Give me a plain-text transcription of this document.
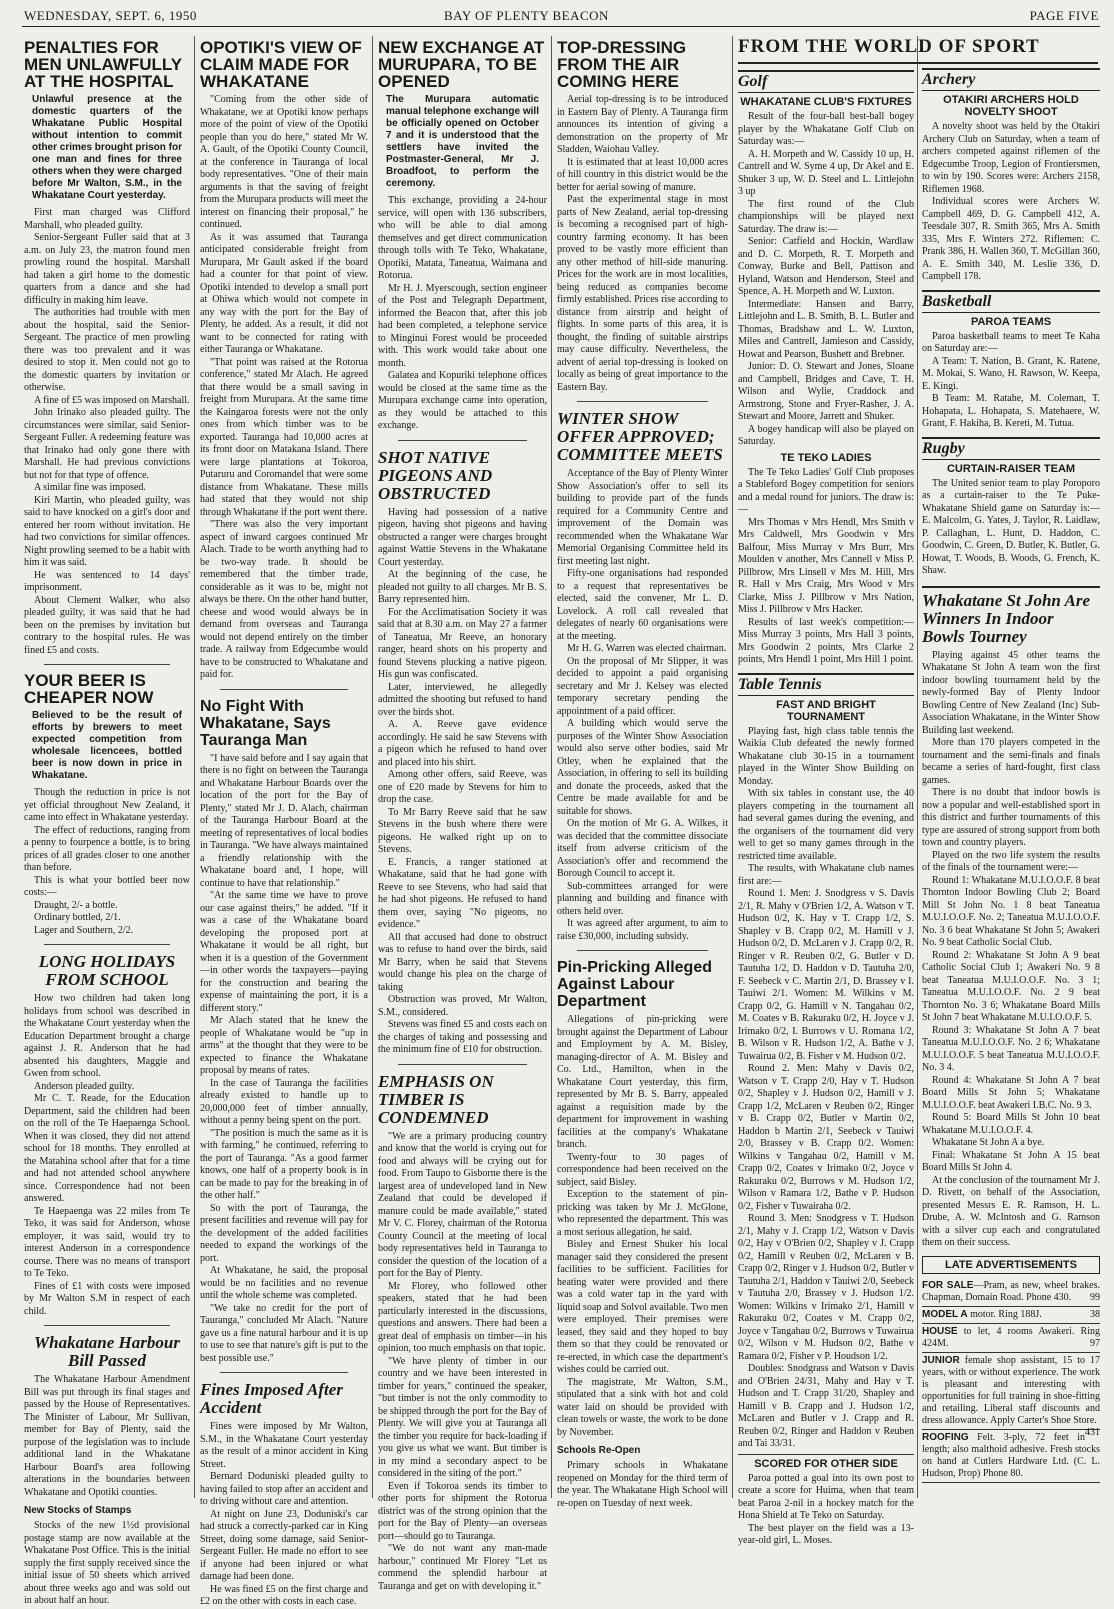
WEDNESDAY, SEPT. 6, 1950	BAY OF PLENTY BEACON	PAGE FIVE
PENALTIES FOR MEN UNLAWFULLY AT THE HOSPITAL
Unlawful presence at the domestic quarters of the Whakatane Public Hospital without intention to commit other crimes brought prison for one man and fines for three others when they were charged before Mr Walton, S.M., in the Whakatane Court yesterday.

First man charged was Clifford Marshall, who pleaded guilty.

Senior-Sergeant Fuller said that at 3 a.m. on July 23, the matron found men prowling round the hospital. Marshall had taken a girl home to the domestic quarters from a dance and she had difficulty in making him leave.

The authorities had trouble with men about the hospital, said the Senior-Sergeant. The practice of men prowling there was too prevalent and it was desired to stop it. Men could not go to the domestic quarters by invitation or otherwise.

A fine of £5 was imposed on Marshall.

John Irinako also pleaded guilty. The circumstances were similar, said Senior-Sergeant Fuller. A redeeming feature was that Irinako had only gone there with Marshall. He had previous convictions but not for that type of offence.

A similar fine was imposed.

Kiri Martin, who pleaded guilty, was said to have knocked on a girl's door and entered her room without invitation. He had two convictions for similar offences. Night prowling seemed to be a habit with him it was said.

He was sentenced to 14 days' imprisonment.

About Clement Walker, who also pleaded guilty, it was said that he had been on the premises by invitation but contrary to the hospital rules. He was fined £5 and costs.

YOUR BEER IS CHEAPER NOW
Believed to be the result of efforts by brewers to meet expected competition from wholesale licencees, bottled beer is now down in price in Whakatane.

Though the reduction in price is not yet official throughout New Zealand, it came into effect in Whakatane yesterday.

The effect of reductions, ranging from a penny to fourpence a bottle, is to bring prices of all grades closer to one another than before.

This is what your bottled beer now costs:—

Draught, 2/- a bottle.

Ordinary bottled, 2/1.

Lager and Southern, 2/2.

LONG HOLIDAYS FROM SCHOOL

How two children had taken long holidays from school was described in the Whakatane Court yesterday when the Education Department brought a charge against J. R. Anderson that he had absented his daughters, Maggie and Gwen from school.

Anderson pleaded guilty.

Mr C. T. Reade, for the Education Department, said the children had been on the roll of the Te Haepaenga School. When it was closed, they did not attend school for 18 months. They enrolled at the Matahina school after that for a time and had not attended school anywhere since. Correspondence had not been answered.

Te Haepaenga was 22 miles from Te Teko, it was said for Anderson, whose employer, it was said, would try to interest Anderson in a correspondence course. There was no means of transport to Te Teko.

Fines of £1 with costs were imposed by Mr Walton S.M in respect of each child.

Whakatane Harbour Bill Passed

The Whakatane Harbour Amendment Bill was put through its final stages and passed by the House of Representatives. The Minister of Labour, Mr Sullivan, member for Bay of Plenty, said the purpose of the legislation was to include additional land in the Whakatane Harbour Board's area following alterations in the boundaries between Whakatane and Opotiki counties.

New Stocks of Stamps

Stocks of the new 1½d provisional postage stamp are now available at the Whakatane Post Office. This is the initial supply the first supply received since the initial issue of 50 sheets which arrived about three weeks ago and was sold out in about half an hour.

OPOTIKI'S VIEW OF CLAIM MADE FOR WHAKATANE

"Coming from the other side of Whakatane, we at Opotiki know perhaps more of the point of view of the Opotiki people than you do here," stated Mr W. A. Gault, of the Opotiki County Council, at the conference in Tauranga of local body representatives. "One of their main arguments is that the saving of freight from the Murupara products will meet the interest on financing their proposal," he continued.

As it was assumed that Tauranga anticipated considerable freight from Murupara, Mr Gault asked if the board had a counter for that point of view. Opotiki intended to develop a small port at Ohiwa which would not compete in any way with the port for the Bay of Plenty, he added. As a result, it did not want to be connected for rating with either Tauranga or Whakatane.

"That point was raised at the Rotorua conference," stated Mr Alach. He agreed that there would be a small saving in freight from Murupara. At the same time the Kaingaroa forests were not the only ones from which timber was to be exported. Tauranga had 10,000 acres at its front door on Matakana Island. There were large plantations at Tokoroa, Putaruru and Coromandel that were some distance from Whakatane. These mills had stated that they would not ship through Whakatane if the port went there.

"There was also the very important aspect of inward cargoes continued Mr Alach. Trade to be worth anything had to be two-way trade. It should be remembered that the timber trade, considerable as it was to be, might not always be there. On the other hand butter, cheese and wood would always be in demand from overseas and Tauranga would not depend entirely on the timber trade. A railway from Edgecumbe would have to be constructed to Whakatane and paid for.

No Fight With Whakatane, Says Tauranga Man

"I have said before and I say again that there is no fight on between the Tauranga and Whakatane Harbour Boards over the location of the port for the Bay of Plenty," stated Mr J. D. Alach, chairman of the Tauranga Harbour Board at the meeting of representatives of local bodies in Tauranga. "We have always maintained a friendly relationship with the Whakatane board and, I hope, will continue to have that relationship."

"At the same time we have to prove our case against theirs," he added. "If it was a case of the Whakatane board developing the proposed port at Whakatane it would be all right, but when it is a question of the Government—in other words the taxpayers—paying for the construction and bearing the expense of maintaining the port, it is a different story."

Mr Alach stated that he knew the people of Whakatane would be "up in arms" at the thought that they were to be expected to finance the Whakatane proposal by means of rates.

In the case of Tauranga the facilities already existed to handle up to 20,000,000 feet of timber annually, without a penny being spent on the port.

"The position is much the same as it is with farming," he continued, referring to the port of Tauranga. "As a good farmer knows, one half of a property book is in can be made to pay for the breaking in of the other half."

So with the port of Tauranga, the present facilities and revenue will pay for the development of the added facilities needed to expand the workings of the port.

At Whakatane, he said, the proposal would be no facilities and no revenue until the whole scheme was completed.

"We take no credit for the port of Tauranga," concluded Mr Alach. "Nature gave us a fine natural harbour and it is up to use to see that nature's gift is put to the best possible use."

Fines Imposed After Accident

Fines were imposed by Mr Walton, S.M., in the Whakatane Court yesterday as the result of a minor accident in King Street.

Bernard Doduniski pleaded guilty to having failed to stop after an accident and to driving without care and attention.

At night on June 23, Doduniski's car had struck a correctly-parked car in King Street, doing some damage, said Senior-Sergeant Fuller. He made no effort to see if anyone had been injured or what damage had been done.

He was fined £5 on the first charge and £2 on the other with costs in each case.

NEW EXCHANGE AT MURUPARA, TO BE OPENED
The Murupara automatic manual telephone exchange will be officially opened on October 7 and it is understood that the settlers have invited the Postmaster-General, Mr J. Broadfoot, to perform the ceremony.

This exchange, providing a 24-hour service, will open with 136 subscribers, who will be able to dial among themselves and get direct communication through tolls with Te Teko, Whakatane, Opotiki, Matata, Taneatua, Waimana and Rotorua.

Mr H. J. Myerscough, section engineer of the Post and Telegraph Department, informed the Beacon that, after this job had been completed, a telephone service to Minginui Forest would be proceeded with. This work would take about one month.

Galatea and Kopuriki telephone offices would be closed at the same time as the Murupara exchange came into operation, as they would be attached to this exchange.

SHOT NATIVE PIGEONS AND OBSTRUCTED

Having had possession of a native pigeon, having shot pigeons and having obstructed a ranger were charges brought against Wattie Stevens in the Whakatane Court yesterday.

At the beginning of the case, he pleaded not guilty to all charges. Mr B. S. Barry represented him.

For the Acclimatisation Society it was said that at 8.30 a.m. on May 27 a farmer of Taneatua, Mr Reeve, an honorary ranger, heard shots on his property and found Stevens plucking a native pigeon. His gun was confiscated.

Later, interviewed, he allegedly admitted the shooting but refused to hand over the birds shot.

A. A. Reeve gave evidence accordingly. He said he saw Stevens with a pigeon which he refused to hand over and placed into his shirt.

Among other offers, said Reeve, was one of £20 made by Stevens for him to drop the case.

To Mr Barry Reeve said that he saw Stevens in the bush where there were pigeons. He walked right up on to Stevens.

E. Francis, a ranger stationed at Whakatane, said that he had gone with Reeve to see Stevens, who had said that he had shot pigeons. He refused to hand them over, saying "No pigeons, no evidence."

All that accused had done to obstruct was to refuse to hand over the birds, said Mr Barry, when he said that Stevens would change his plea on the charge of taking

Obstruction was proved, Mr Walton, S.M., considered.

Stevens was fined £5 and costs each on the charges of taking and possessing and the minimum fine of £10 for obstruction.

EMPHASIS ON TIMBER IS CONDEMNED

"We are a primary producing country and know that the world is crying out for food and always will be crying out for food. From Taupo to Gisborne there is the largest area of undeveloped land in New Zealand that could be developed if manure could be made available," stated Mr V. C. Florey, chairman of the Rotorua County Council at the meeting of local body representatives held in Tauranga to consider the question of the location of a port for the Bay of Plenty.

Mr Florey, who followed other speakers, stated that he had been particularly interested in the discussions, questions and answers. There had been a great deal of emphasis on timber—in his opinion, too much emphasis on that topic.

"We have plenty of timber in our country and we have been interested in timber for years," continued the speaker, "but timber is not the only commodity to be shipped through the port for the Bay of Plenty. We will give you at Tauranga all the timber you require for back-loading if you give us what we want. But timber is in my mind a secondary aspect to be considered in the siting of the port."

Even if Tokoroa sends its timber to other ports for shipment the Rotorua district was of the strong opinion that the port for the Bay of Plenty—an overseas port—should go to Tauranga.

"We do not want any man-made harbour," continued Mr Florey "Let us commend the splendid harbour at Tauranga and get on with developing it."

TOP-DRESSING FROM THE AIR COMING HERE

Aerial top-dressing is to be introduced in Eastern Bay of Plenty. A Tauranga firm announces its intention of giving a demonstration on the property of Mr Sladden, Waiohau Valley.

It is estimated that at least 10,000 acres of hill country in this district would be the better for aerial sowing of manure.

Past the experimental stage in most parts of New Zealand, aerial top-dressing is becoming a recognised part of high-country farming economy. It has been proved to be vastly more efficient than any other method of hill-side manuring. Prices for the work are in most localities, being reduced as companies become firmly established. Prices rise according to distance from airstrip and height of flights. In some parts of this area, it is thought, the finding of suitable airstrips may cause difficulty. Nevertheless, the advent of aerial top-dressing is looked on locally as being of great importance to the Eastern Bay.

WINTER SHOW OFFER APPROVED; COMMITTEE MEETS

Acceptance of the Bay of Plenty Winter Show Association's offer to sell its building to provide part of the funds required for a Community Centre and improvement of the Domain was recommended when the Whakatane War Memorial Organising Committee held its first meeting last night.

Fifty-one organisations had responded to a request that representatives be elected, said the convener, Mr L. D. Lovelock. A roll call revealed that delegates of nearly 60 organisations were at the meeting.

Mr H. G. Warren was elected chairman.

On the proposal of Mr Slipper, it was decided to appoint a paid organising secretary and Mr J. Kelsey was elected temporary secretary pending the appointment of a paid officer.

A building which would serve the purposes of the Winter Show Association would also serve other bodies, said Mr Otley, when he explained that the Association, in offering to sell its building and donate the proceeds, asked that the Centre be made available for and be suitable for shows.

On the motion of Mr G. A. Wilkes, it was decided that the committee dissociate itself from adverse criticism of the Association's offer and recommend the Borough Council to accept it.

Sub-committees arranged for were planning and building and finance with others held over.

It was agreed after argument, to aim to raise £30,000, including subsidy.

Pin-Pricking Alleged Against Labour Department

Allegations of pin-pricking were brought against the Department of Labour and Employment by A. M. Bisley, managing-director of A. M. Bisley and Co. Ltd., Hamilton, when in the Whakatane Court yesterday, this firm, represented by Mr B. S. Barry, appealed against a requisition made by the department for improvement in washing facilities at the company's Whakatane branch.

Twenty-four to 30 pages of correspondence had been received on the subject, said Bisley.

Exception to the statement of pin-pricking was taken by Mr J. McGlone, who represented the department. This was a most serious allegation, he said.

Bisley and Ernest Shuker his local manager said they considered the present facilities to be sufficient. Facilities for heating water were provided and there was a cold water tap in the yard with liquid soap and Solvol available. Two men were employed. Their premises were leased, they said and they hoped to buy them so that they could be renovated or re-erected, in which case the department's wishes could be carried out.

The magistrate, Mr Walton, S.M., stipulated that a sink with hot and cold water laid on should be provided with clean towels or waste, the work to be done by November.

Schools Re-Open

Primary schools in Whakatane reopened on Monday for the third term of the year. The Whakatane High School will re-open on Tuesday of next week.

FROM THE WORLD OF SPORT
Golf
WHAKATANE CLUB'S FIXTURES

Result of the four-ball best-ball bogey player by the Whakatane Golf Club on Saturday was:—

A. H. Morpeth and W. Cassidy 10 up, H. Cantrell and W. Syme 4 up, Dr Akel and E. Shuker 3 up, W. D. Steel and L. Littlejohn 3 up

The first round of the Club championships will be played next Saturday. The draw is:—

Senior: Catfield and Hockin, Wardlaw and D. C. Morpeth, R. T. Morpeth and Conway, Burke and Bell, Pattison and Hyland, Watson and Henderson, Steel and Spence, A. H. Morpeth and W. Luxton.

Intermediate: Hansen and Barry, Littlejohn and L. B. Smith, B. L. Butler and Thomas, Bradshaw and L. W. Luxton, Miles and Cantrell, Jamieson and Cassidy, Howat and Pearson, Bushett and Brebner.

Junior: D. O. Stewart and Jones, Sloane and Campbell, Bridges and Cave, T. H. Wilson and Wylie, Craddock and Armstrong, Stone and Fryer-Rasher, J. A. Stewart and Moore, Jarrett and Shuker.

A bogey handicap will also be played on Saturday.

TE TEKO LADIES

The Te Teko Ladies' Golf Club proposes a Stableford Bogey competition for seniors and a medal round for juniors. The draw is:—

Mrs Thomas v Mrs Hendl, Mrs Smith v Mrs Caldwell, Mrs Goodwin v Mrs Balfour, Miss Murray v Mrs Burr, Mrs Moulden v another, Mrs Cannell v Miss P. Pillbrow, Mrs Linsell v Mrs M. Hill, Mrs R. Hall v Mrs Craig, Mrs Wood v Mrs Clarke, Miss J. Pillbrow v Mrs Nation, Miss J. Pillbrow v Mrs Hacker.

Results of last week's competition:—Miss Murray 3 points, Mrs Hall 3 points, Mrs Goodwin 2 points, Mrs Clarke 2 points, Mrs Hendl 1 point, Mrs Hill 1 point.

Table Tennis
FAST AND BRIGHT TOURNAMENT

Playing fast, high class table tennis the Waikia Club defeated the newly formed Whakatane club 30-15 in a tournament played in the Winter Show Building on Monday.

With six tables in constant use, the 40 players competing in the tournament all had several games during the evening, and the organisers of the tournament did very well to get so many games through in the restricted time available.

The results, with Whakatane club names first are:—

Round 1. Men: J. Snodgress v S. Davis 2/1, R. Mahy v O'Brien 1/2, A. Watson v T. Hudson 0/2, K. Hay v T. Crapp 1/2, S. Shapley v B. Crapp 0/2, M. Hamill v J. Hudson 0/2, D. McLaren v J. Crapp 0/2, R. Ringer v R. Reuben 0/2, G. Butler v D. Tautuha 1/2, D. Haddon v D. Tautuha 2/0, F. Seebeck v C. Martin 2/1, D. Brassey v I. Tauiwi 2/1. Women: M. Wilkins v M. Crapp 0/2, G. Hamill v N. Tangahau 0/2, M. Coates v B. Rakuraku 0/2, H. Joyce v J. Irimako 0/2, I. Burrows v U. Romana 1/2, B. Wilson v R. Hudson 1/2, A. Bathe v J. Tuwairua 0/2, B. Fisher v M. Hudson 0/2.

Round 2. Men: Mahy v Davis 0/2, Watson v T. Crapp 2/0, Hay v T. Hudson 0/2, Shapley v J. Hudson 0/2, Hamill v J. Crapp 1/2, McLaren v Reuben 0/2, Ringer v B. Crapp 0/2, Butler v Martin 0/2, Haddon b Martin 2/1, Seebeck v Tauiwi 2/0, Brassey v B. Crapp 0/2. Women: Wilkins v Tangahau 0/2, Hamill v M. Crapp 0/2, Coates v Irimako 0/2, Joyce v Rakuraku 0/2, Burrows v M. Hudson 1/2, Wilson v Ramara 1/2, Bathe v P. Hudson 0/2, Fisher v Tuwairaha 0/2.

Round 3. Men: Snodgress v T. Hudson 2/1, Mahy v J. Crapp 1/2, Watson v Davis 0/2, Hay v O'Brien 0/2, Shapley v J. Crapp 0/2, Hamill v Reuben 0/2, McLaren v B. Crapp 0/2, Ringer v J. Hudson 0/2, Butler v Tautuha 2/1, Haddon v Tauiwi 2/0, Seebeck v Tautuha 2/0, Brassey v J. Hudson 1/2. Women: Wilkins v Irimako 2/1, Hamill v Rakuraku 0/2, Coates v M. Crapp 0/2, Joyce v Tangahau 0/2, Burrows v Tuwairua 0/2, Wilson v M. Hudson 0/2, Bathe v Ramara 0/2, Fisher v P. Houdson 1/2.

Doubles: Snodgrass and Watson v Davis and O'Brien 24/31, Mahy and Hay v T. Hudson and T. Crapp 31/20, Shapley and Hamill v B. Crapp and J. Hudson 1/2, McLaren and Butler v J. Crapp and R. Reuben 0/2, Ringer and Haddon v Reuben and Tai 33/31.

SCORED FOR OTHER SIDE

Paroa potted a goal into its own post to create a score for Huima, when that team beat Paroa 2-nil in a hockey match for the Hona Shield at Te Teko on Saturday.

The best player on the field was a 13-year-old girl, L. Moses.

Archery
OTAKIRI ARCHERS HOLD NOVELTY SHOOT

A novelty shoot was held by the Otakiri Archery Club on Saturday, when a team of archers competed against riflemen of the Edgecumbe Troop, Legion of Frontiersmen, to win by 190. Scores were: Archers 2158, Riflemen 1968.

Individual scores were Archers W. Campbell 469, D. G. Campbell 412, A. Teesdale 307, R. Smith 365, Mrs A. Smith 335, Mrs F. Winters 272. Riflemen: C. Prank 386, H. Wallen 360, T. McGillan 360, A. E. Smith 340, M. Leslie 336, D. Campbell 178.

Basketball
PAROA TEAMS

Paroa basketball teams to meet Te Kaha on Saturday are:—

A Team: T. Nation, B. Grant, K. Ratene, M. Mokai, S. Wano, H. Rawson, W. Keepa, E. Kingi.

B Team: M. Ratahe, M. Coleman, T. Hohapata, L. Hohapata, S. Matehaere, W. Grant, F. Hakiha, B. Kereti, M. Tutua.

Rugby
CURTAIN-RAISER TEAM

The United senior team to play Poroporo as a curtain-raiser to the Te Puke-Whakatane Shield game on Saturday is:—E. Malcolm, G. Yates, J. Taylor, R. Laidlaw, P. Callaghan, L. Hunt, D. Haddon, C. Goodwin, C. Green, D. Butler, K. Butler, G. Howat, T. Woods, B. Woods, G. French, K. Shaw.

Whakatane St John Are Winners In Indoor Bowls Tourney

Playing against 45 other teams the Whakatane St John A team won the first indoor bowling tournament held by the newly-formed Bay of Plenty Indoor Bowling Centre of New Zealand (Inc) Sub-Association Whakatane, in the Winter Show Building last weekend.

More than 170 players competed in the tournament and the semi-finals and finals became a series of hard-fought, first class games.

There is no doubt that indoor bowls is now a popular and well-established sport in this district and further tournaments of this type are assured of strong support from both town and country players.

Played on the two life system the results of the finals of the tournament were:—

Round 1: Whakatane M.U.I.O.O.F. 8 beat Thornton Indoor Bowling Club 2; Board Mill St John No. 1 8 beat Taneatua M.U.I.O.O.F. No. 2; Taneatua M.U.I.O.O.F. No. 3 6 beat Whakatane St John 5; Awakeri No. 9 beat Catholic Social Club.

Round 2: Whakatane St John A 9 beat Catholic Social Club 1; Awakeri No. 9 8 beat Taneatua M.U.I.O.O.F. No. 3 1; Taneatua M.U.I.O.O.F. No. 2 9 beat Thornton No. 3 6; Whakatane Board Mills St John 7 beat Whakatane M.U.I.O.O.F. 5.

Round 3: Whakatane St John A 7 beat Taneatua M.U.I.O.O.F. No. 2 6; Whakatane M.U.I.O.O.F. 5 beat Taneatua M.U.I.O.O.F. No. 3 4.

Round 4: Whakatane St John A 7 beat Board Mills St John 5; Whakatane M.U.I.O.O.F. beat Awakeri I.B.C. No. 9 3.

Round 5: Board Mills St John 10 beat Whakatane M.U.I.O.O.F. 4.

Whakatane St John A a bye.

Final: Whakatane St John A 15 beat Board Mills St John 4.

At the conclusion of the tournament Mr J. D. Rivett, on behalf of the Association, presented Messrs E. R. Ramson, H. L. Drube, A. W. McIntosh and G. Ramson with a silver cup each and congratulated them on their success.

LATE ADVERTISEMENTS
FOR SALE—Pram, as new, wheel brakes. Chapman, Domain Road. Phone 430. 99
MODEL A motor. Ring 188J.	38
HOUSE to let, 4 rooms Awakeri. Ring 424M.	97
JUNIOR female shop assistant, 15 to 17 years, with or without experience. The work is pleasant and interesting with opportunities for full training in shoe-fitting and retailing. Liberal staff discounts and dress allowance. Apply Carter's Shoe Store.
431
ROOFING Felt. 3-ply, 72 feet in length; also malthoid adhesive. Fresh stocks on hand at Cutlers Hardware Ltd. (C. L. Hudson, Prop) Phone 80.
